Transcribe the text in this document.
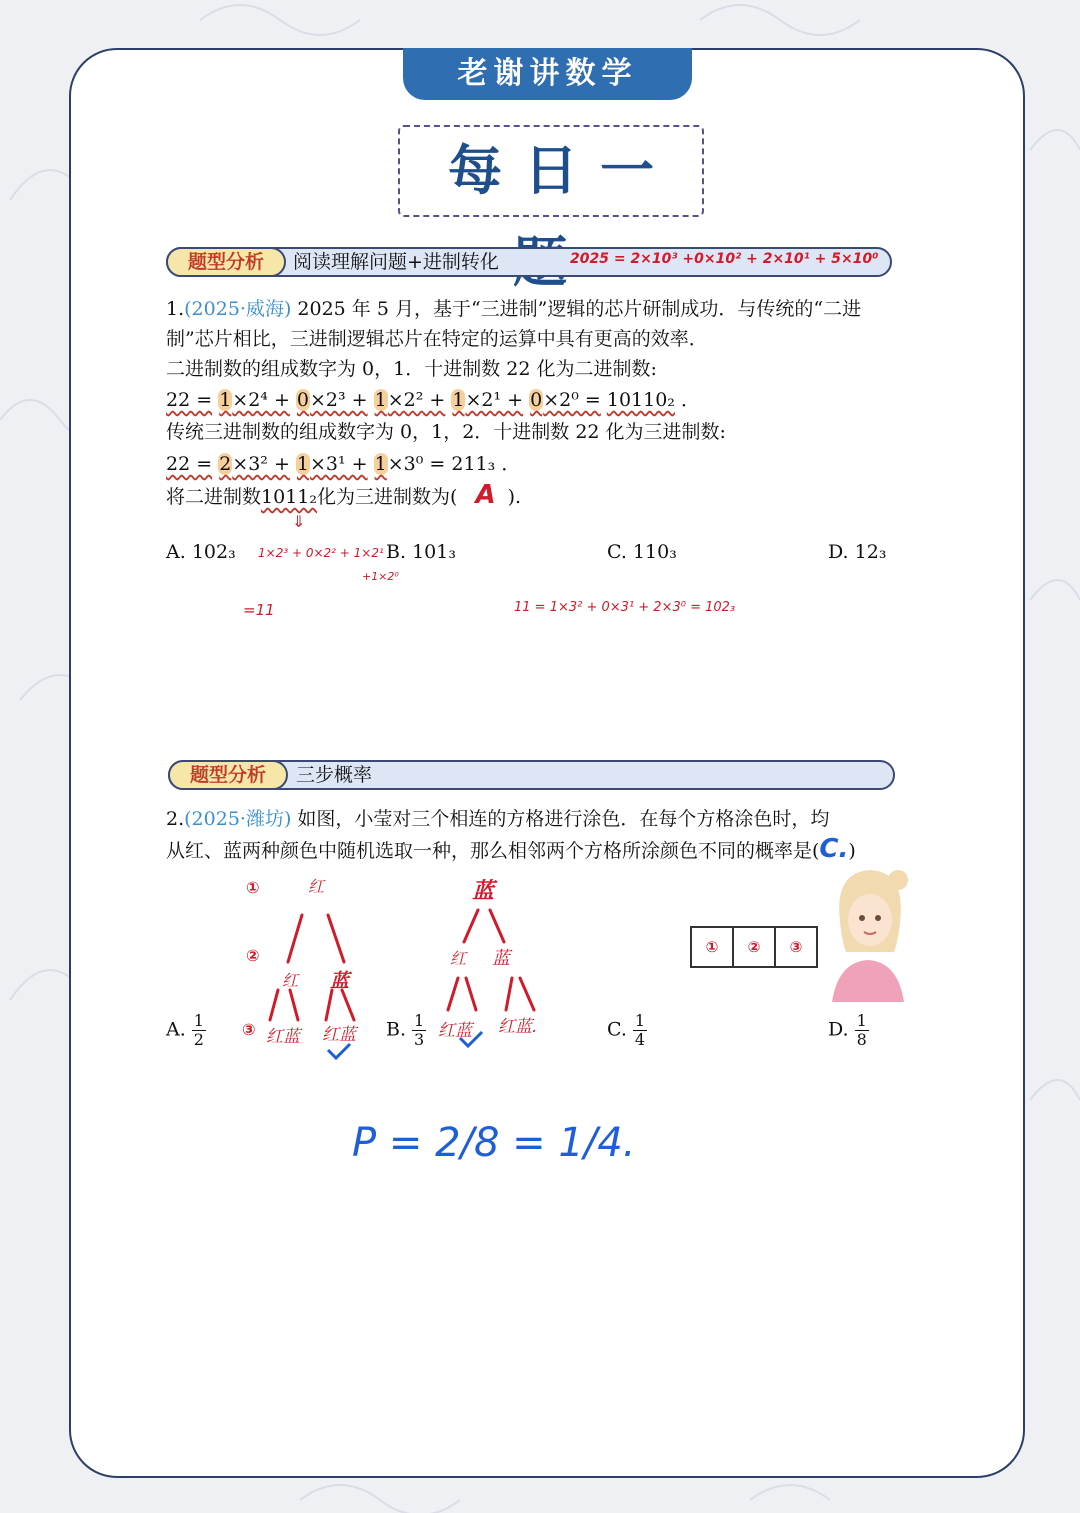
老谢讲数学
每日一
题型分析	阅读理解问题+进制转化	2025 = 2×10³ +0×10² + 2×10¹ + 5×10⁰
1.(2025·威海) 2025 年 5 月，基于“三进制”逻辑的芯片研制成功．与传统的“二进
制”芯片相比，三进制逻辑芯片在特定的运算中具有更高的效率．
二进制数的组成数字为 0，1．十进制数 22 化为二进制数:
22 = 1×2⁴ + 0×2³ + 1×2² + 1×2¹ + 0×2⁰ = 10110₂ ．
传统三进制数的组成数字为 0，1，2．十进制数 22 化为三进制数:
22 = 2×3² + 1×3¹ + 1×3⁰ = 211₃ ．
将二进制数1011₂化为三进制数为( A ).
⇓
A. 102₃	B. 101₃	C. 110₃	D. 12₃
1×2³ + 0×2² + 1×2¹
+1×2⁰
=11	11 = 1×3² + 0×3¹ + 2×3⁰ = 102₃
题型分析	三步概率
2.(2025·潍坊) 如图，小莹对三个相连的方格进行涂色．在每个方格涂色时，均
从红、蓝两种颜色中随机选取一种，那么相邻两个方格所涂颜色不同的概率是(C.)
①
②
③
红	蓝
红 蓝
红蓝 红蓝
红 蓝
红蓝 红蓝.
①	②	③
A. $\frac{1}{2}$	B. $\frac{1}{3}$	C. $\frac{1}{4}$	D. $\frac{1}{8}$
P = 2/8 = 1/4.
